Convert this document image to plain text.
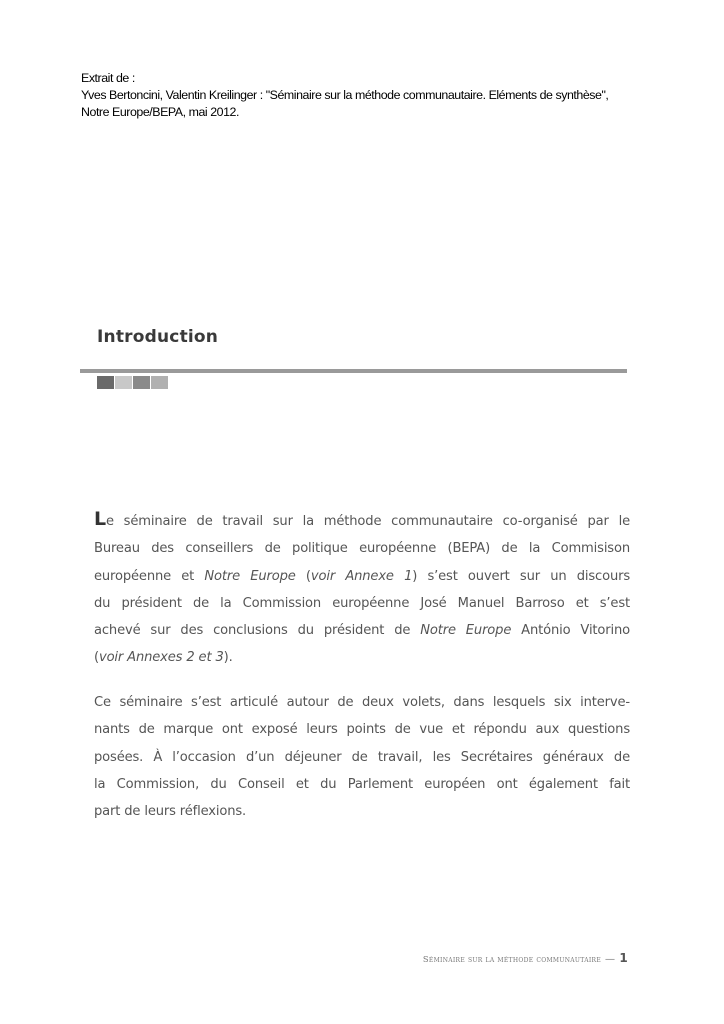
Extrait de :
Yves Bertoncini, Valentin Kreilinger : "Séminaire sur la méthode communautaire. Eléments de synthèse",
Notre Europe/BEPA, mai 2012.
Introduction
Le séminaire de travail sur la méthode communautaire co-organisé par le
Bureau des conseillers de politique européenne (BEPA) de la Commisison
européenne et Notre Europe (voir Annexe 1) s’est ouvert sur un discours
du président de la Commission européenne José Manuel Barroso et s’est
achevé sur des conclusions du président de Notre Europe António Vitorino
(voir Annexes 2 et 3).
Ce séminaire s’est articulé autour de deux volets, dans lesquels six interve-
nants de marque ont exposé leurs points de vue et répondu aux questions
posées. À l’occasion d’un déjeuner de travail, les Secrétaires généraux de
la Commission, du Conseil et du Parlement européen ont également fait
part de leurs réflexions.
Séminaire sur la méthode communautaire — 1
